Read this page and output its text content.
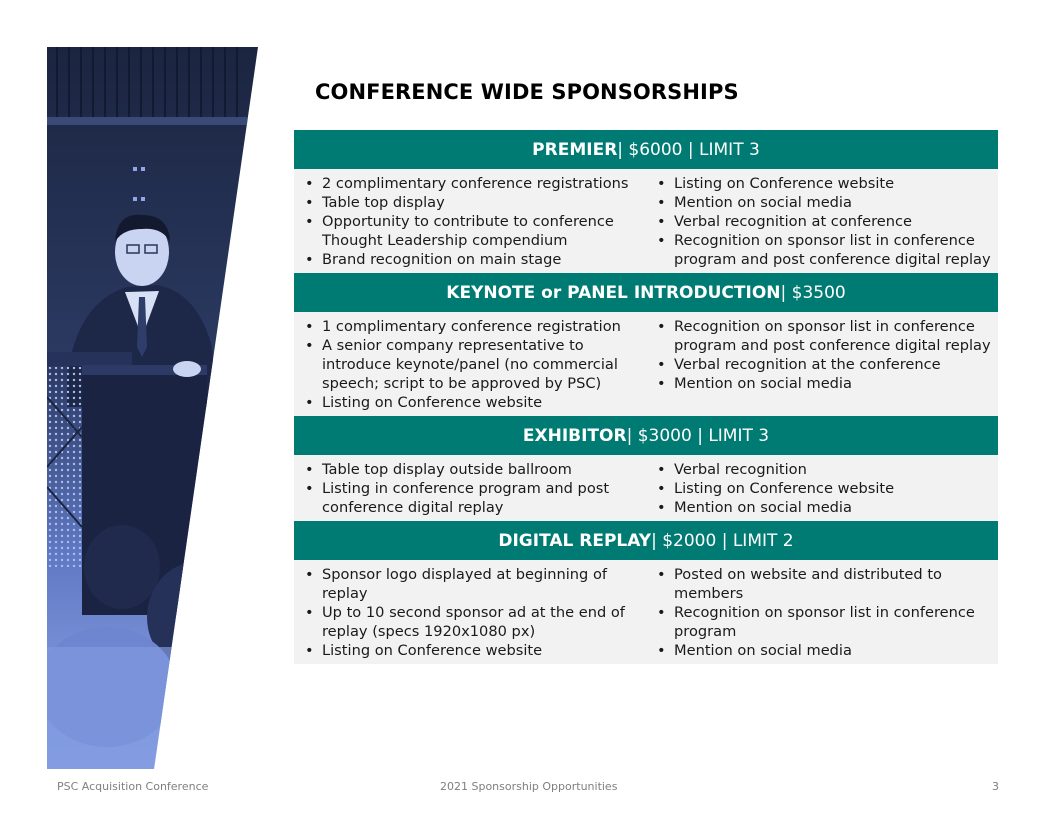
CONFERENCE WIDE SPONSORSHIPS
PREMIER | $6000 | LIMIT 3
• 2 complimentary conference registrations
• Table top display
• Opportunity to contribute to conference Thought Leadership compendium
• Brand recognition on main stage
• Listing on Conference website
• Mention on social media
• Verbal recognition at conference
• Recognition on sponsor list in conference program and post conference digital replay
KEYNOTE or PANEL INTRODUCTION | $3500
• 1 complimentary conference registration
• A senior company representative to introduce keynote/panel (no commercial speech; script to be approved by PSC)
• Listing on Conference website
• Recognition on sponsor list in conference program and post conference digital replay
• Verbal recognition at the conference
• Mention on social media
EXHIBITOR | $3000 | LIMIT 3
• Table top display outside ballroom
• Listing in conference program and post conference digital replay
• Verbal recognition
• Listing on Conference website
• Mention on social media
DIGITAL REPLAY | $2000 | LIMIT 2
• Sponsor logo displayed at beginning of replay
• Up to 10 second sponsor ad at the end of replay (specs 1920x1080 px)
• Listing on Conference website
• Posted on website and distributed to members
• Recognition on sponsor list in conference program
• Mention on social media
PSC Acquisition Conference	2021 Sponsorship Opportunities	3
